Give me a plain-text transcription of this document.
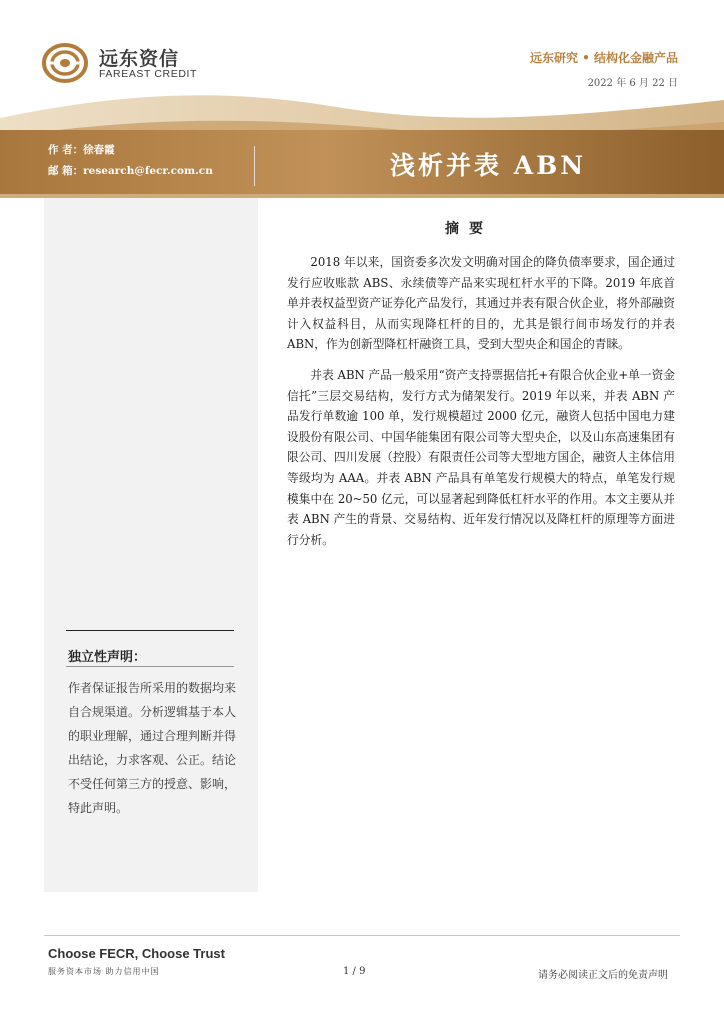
远东资信
FAREAST CREDIT
远东研究 • 结构化金融产品
2022 年 6 月 22 日
作 者：徐春霞
邮 箱：research@fecr.com.cn	浅析并表 ABN
独立性声明：
作者保证报告所采用的数据均来自合规渠道。分析逻辑基于本人的职业理解，通过合理判断并得出结论，力求客观、公正。结论不受任何第三方的授意、影响，特此声明。
摘要

2018 年以来，国资委多次发文明确对国企的降负债率要求，国企通过发行应收账款 ABS、永续债等产品来实现杠杆水平的下降。2019 年底首单并表权益型资产证券化产品发行，其通过并表有限合伙企业，将外部融资计入权益科目，从而实现降杠杆的目的，尤其是银行间市场发行的并表 ABN，作为创新型降杠杆融资工具，受到大型央企和国企的青睐。

并表 ABN 产品一般采用“资产支持票据信托+有限合伙企业+单一资金信托”三层交易结构，发行方式为储架发行。2019 年以来，并表 ABN 产品发行单数逾 100 单，发行规模超过 2000 亿元，融资人包括中国电力建设股份有限公司、中国华能集团有限公司等大型央企，以及山东高速集团有限公司、四川发展（控股）有限责任公司等大型地方国企，融资人主体信用等级均为 AAA。并表 ABN 产品具有单笔发行规模大的特点，单笔发行规模集中在 20~50 亿元，可以显著起到降低杠杆水平的作用。本文主要从并表 ABN 产生的背景、交易结构、近年发行情况以及降杠杆的原理等方面进行分析。

Choose FECR, Choose Trust
服务资本市场 助力信用中国	1 / 9	请务必阅读正文后的免责声明
